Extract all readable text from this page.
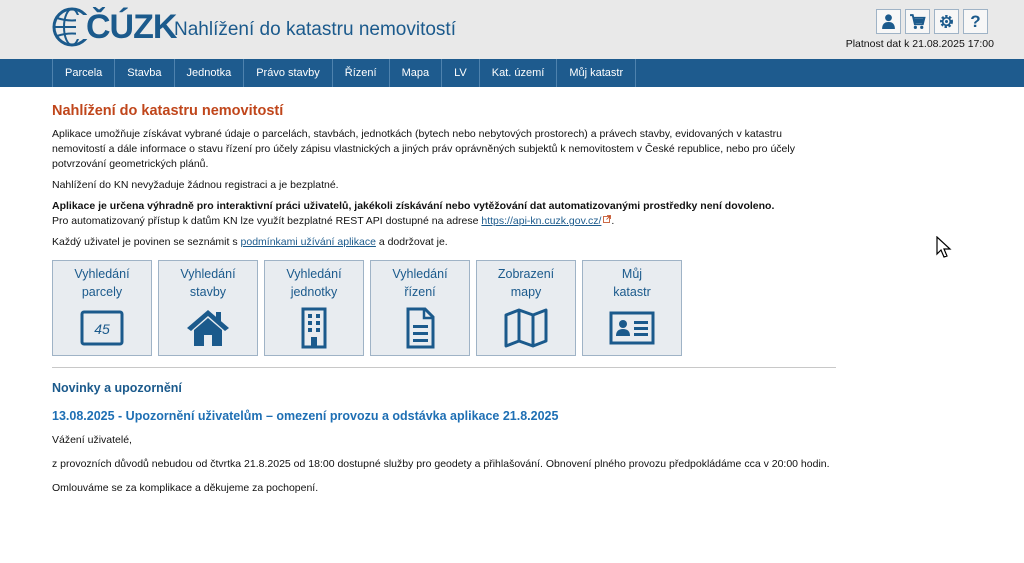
ČÚZK
Nahlížení do katastru nemovitostí	?
Platnost dat k 21.08.2025 17:00
Parcela	Stavba	Jednotka	Právo stavby	Řízení	Mapa	LV	Kat. území	Můj katastr
Nahlížení do katastru nemovitostí

Aplikace umožňuje získávat vybrané údaje o parcelách, stavbách, jednotkách (bytech nebo nebytových prostorech) a právech stavby, evidovaných v katastru nemovitostí a dále informace o stavu řízení pro účely zápisu vlastnických a jiných práv oprávněných subjektů k nemovitostem v České republice, nebo pro účely potvrzování geometrických plánů.

Nahlížení do KN nevyžaduje žádnou registraci a je bezplatné.

Aplikace je určena výhradně pro interaktivní práci uživatelů, jakékoli získávání nebo vytěžování dat automatizovanými prostředky není dovoleno.
Pro automatizovaný přístup k datům KN lze využít bezplatné REST API dostupné na adrese https://api-kn.cuzk.gov.cz/ .

Každý uživatel je povinen se seznámit s podmínkami užívání aplikace a dodržovat je.

Vyhledání
parcely
45
Vyhledání
stavby
Vyhledání
jednotky
Vyhledání
řízení
Zobrazení
mapy
Můj
katastr
Novinky a upozornění
13.08.2025 - Upozornění uživatelům – omezení provozu a odstávka aplikace 21.8.2025

Vážení uživatelé,

z provozních důvodů nebudou od čtvrtka 21.8.2025 od 18:00 dostupné služby pro geodety a přihlašování. Obnovení plného provozu předpokládáme cca v 20:00 hodin.

Omlouváme se za komplikace a děkujeme za pochopení.
